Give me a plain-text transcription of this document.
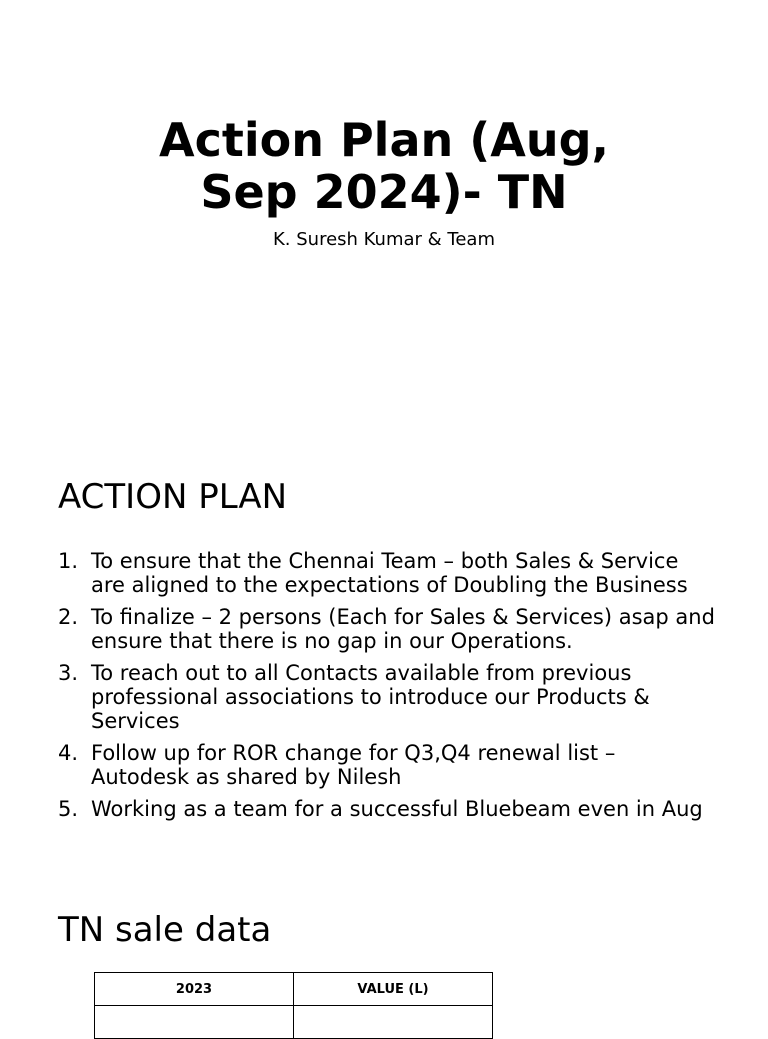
Action Plan (Aug,
Sep 2024)- TN

K. Suresh Kumar & Team

ACTION PLAN
1. To ensure that the Chennai Team – both Sales & Service are aligned to the expectations of Doubling the Business
2. To finalize – 2 persons (Each for Sales & Services) asap and ensure that there is no gap in our Operations.
3. To reach out to all Contacts available from previous professional associations to introduce our Products & Services
4. Follow up for ROR change for Q3,Q4 renewal list – Autodesk as shared by Nilesh
5. Working as a team for a successful Bluebeam even in Aug
TN sale data
2023	VALUE (L)
